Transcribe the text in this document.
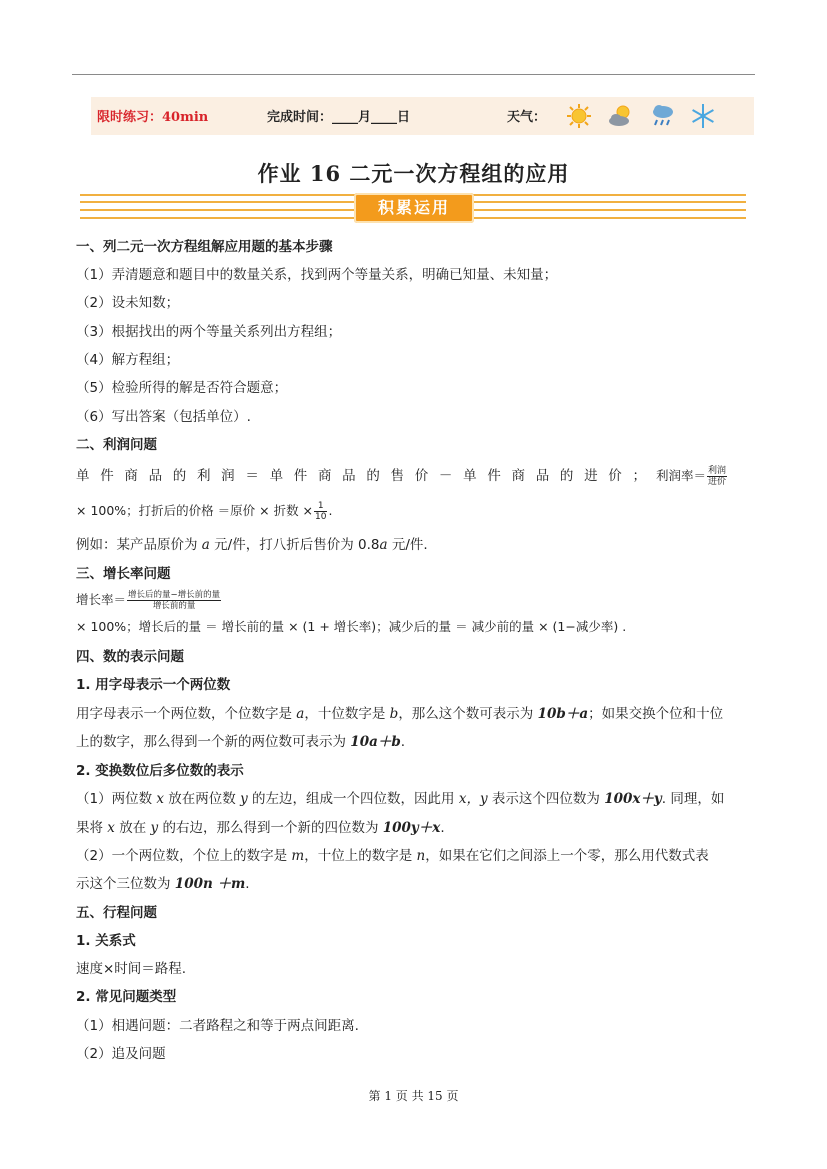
限时练习：40min	完成时间：____月____日	天气：
作业 16 二元一次方程组的应用
积累运用
一、列二元一次方程组解应用题的基本步骤
（1）弄清题意和题目中的数量关系，找到两个等量关系，明确已知量、未知量；
（2）设未知数；
（3）根据找出的两个等量关系列出方程组；
（4）解方程组；
（5）检验所得的解是否符合题意；
（6）写出答案（包括单位）.
二、利润问题
单件商品的利润＝单件商品的售价－单件商品的进价；利润率＝ $\frac{\text{利润}}{\text{进价}}$
× 100%；打折后的价格 ＝原价 × 折数 × $\frac{1}{10}$ .
例如：某产品原价为 a 元/件，打八折后售价为 0.8a 元/件.
三、增长率问题
增长率＝ $\frac{\text{增长后的量−增长前的量}}{\text{增长前的量}}$
× 100%；增长后的量 ＝ 增长前的量 × (1 + 增长率)；减少后的量 ＝ 减少前的量 × (1−减少率) .
四、数的表示问题
1. 用字母表示一个两位数
用字母表示一个两位数，个位数字是 a，十位数字是 b，那么这个数可表示为 10b＋a；如果交换个位和十位
上的数字，那么得到一个新的两位数可表示为 10a＋b.
2. 变换数位后多位数的表示
（1）两位数 x 放在两位数 y 的左边，组成一个四位数，因此用 x，y 表示这个四位数为 100x＋y. 同理，如
果将 x 放在 y 的右边，那么得到一个新的四位数为 100y＋x.
（2）一个两位数，个位上的数字是 m，十位上的数字是 n，如果在它们之间添上一个零，那么用代数式表
示这个三位数为 100n ＋m.
五、行程问题
1. 关系式
速度×时间＝路程.
2. 常见问题类型
（1）相遇问题：二者路程之和等于两点间距离.
（2）追及问题
第 1 页 共 15 页
